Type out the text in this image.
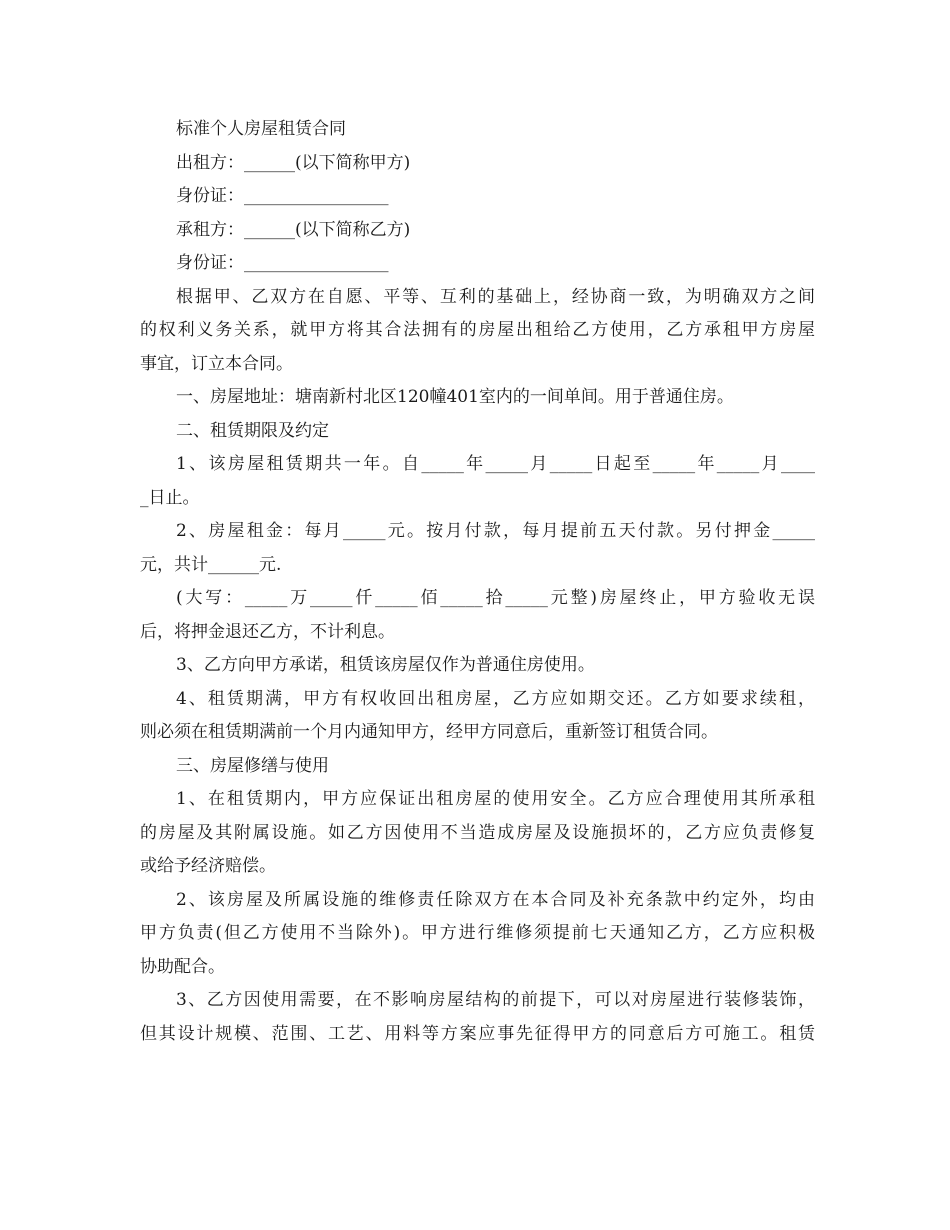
标准个人房屋租赁合同
出租方：______(以下简称甲方)
身份证：_________________
承租方：______(以下简称乙方)
身份证：_________________
根据甲、乙双方在自愿、平等、互利的基础上，经协商一致，为明确双方之间
的权利义务关系，就甲方将其合法拥有的房屋出租给乙方使用，乙方承租甲方房屋
事宜，订立本合同。
一、房屋地址：塘南新村北区120幢401室内的一间单间。用于普通住房。
二、租赁期限及约定
1、该房屋租赁期共一年。自_____年_____月_____日起至_____年_____月____
_日止。
2、房屋租金：每月_____元。按月付款，每月提前五天付款。另付押金_____
元，共计______元.
(大写：_____万_____仟_____佰_____拾_____元整)房屋终止，甲方验收无误
后，将押金退还乙方，不计利息。
3、乙方向甲方承诺，租赁该房屋仅作为普通住房使用。
4、租赁期满，甲方有权收回出租房屋，乙方应如期交还。乙方如要求续租，
则必须在租赁期满前一个月内通知甲方，经甲方同意后，重新签订租赁合同。
三、房屋修缮与使用
1、在租赁期内，甲方应保证出租房屋的使用安全。乙方应合理使用其所承租
的房屋及其附属设施。如乙方因使用不当造成房屋及设施损坏的，乙方应负责修复
或给予经济赔偿。
2、该房屋及所属设施的维修责任除双方在本合同及补充条款中约定外，均由
甲方负责(但乙方使用不当除外)。甲方进行维修须提前七天通知乙方，乙方应积极
协助配合。
3、乙方因使用需要，在不影响房屋结构的前提下，可以对房屋进行装修装饰，
但其设计规模、范围、工艺、用料等方案应事先征得甲方的同意后方可施工。租赁
